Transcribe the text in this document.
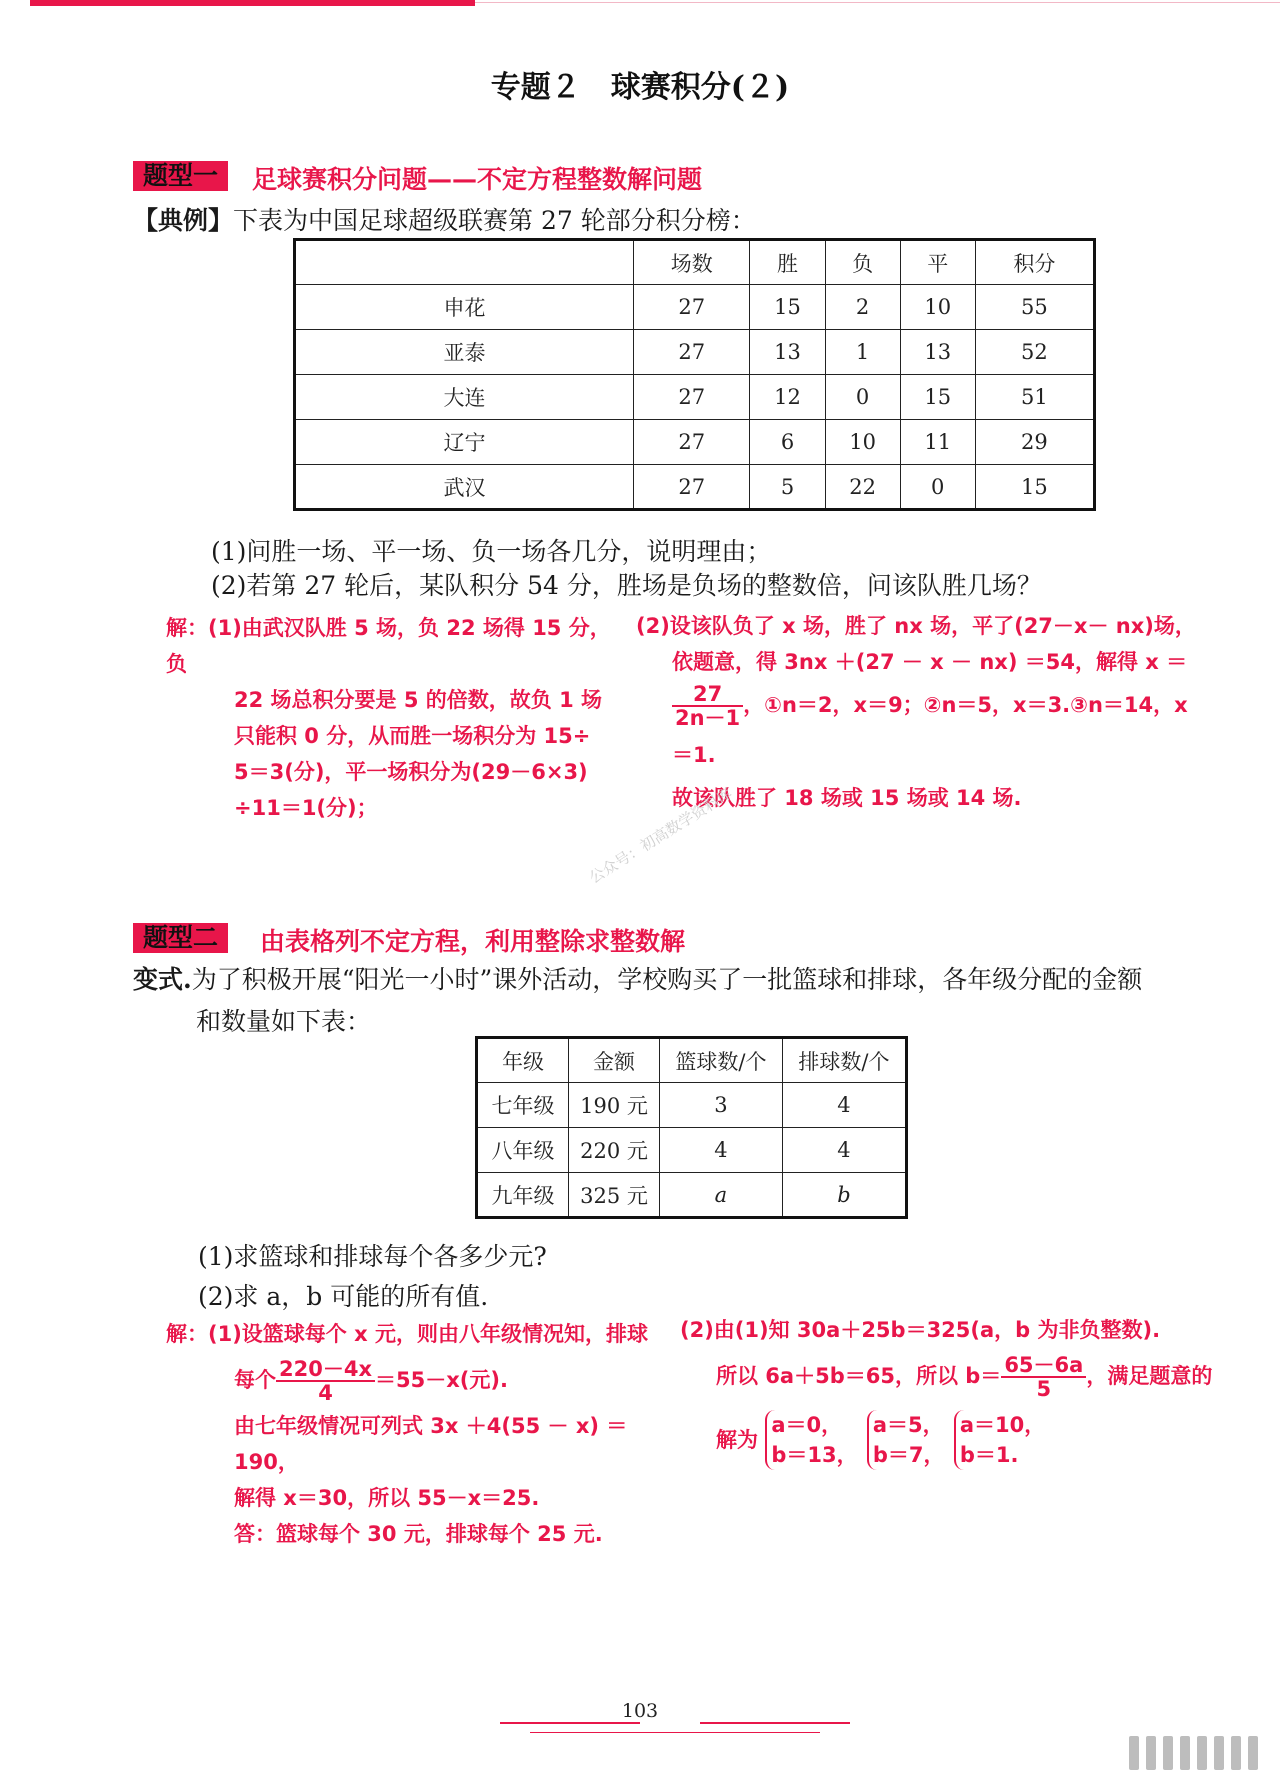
专题２　球赛积分(２)
题型一	足球赛积分问题——不定方程整数解问题
【典例】下表为中国足球超级联赛第 27 轮部分积分榜：
	场数	胜	负	平	积分
申花	27	15	2	10	55
亚泰	27	13	1	13	52
大连	27	12	0	15	51
辽宁	27	6	10	11	29
武汉	27	5	22	0	15
(1)问胜一场、平一场、负一场各几分，说明理由；
(2)若第 27 轮后，某队积分 54 分，胜场是负场的整数倍，问该队胜几场？
解：(1)由武汉队胜 5 场，负 22 场得 15 分，负
22 场总积分要是 5 的倍数，故负 1 场
只能积 0 分，从而胜一场积分为 15÷
5＝3(分)，平一场积分为(29－6×3)
÷11＝1(分)；
(2)设该队负了 x 场，胜了 nx 场，平了(27－x－ nx)场，
依题意，得 3nx ＋(27 － x － nx) ＝54，解得 x ＝
$\frac{27}{2n-1}$ ，①n＝2，x＝9；②n＝5，x＝3.③n＝14，x＝1.
故该队胜了 18 场或 15 场或 14 场.
公众号：初高数学资料库
题型二	由表格列不定方程，利用整除求整数解
变式.为了积极开展“阳光一小时”课外活动，学校购买了一批篮球和排球，各年级分配的金额
和数量如下表：
年级	金额	篮球数/个	排球数/个
七年级	190 元	3	4
八年级	220 元	4	4
九年级	325 元	a	b
(1)求篮球和排球每个各多少元?
(2)求 a，b 可能的所有值.
解：(1)设篮球每个 x 元，则由八年级情况知，排球
每个 $\frac{220-4x}{4} =55-x$(元).
由七年级情况可列式 3x ＋4(55 － x) ＝
190，
解得 x＝30，所以 55－x＝25.
答：篮球每个 30 元，排球每个 25 元.
(2)由(1)知 30a＋25b＝325(a，b 为非负整数).
所以 6a＋5b＝65，所以 $b= \frac{65-6a}{5}$ ，满足题意的
解为
a＝0，
b＝13，

a＝5，
b＝7，

a＝10，
b＝1.
103
